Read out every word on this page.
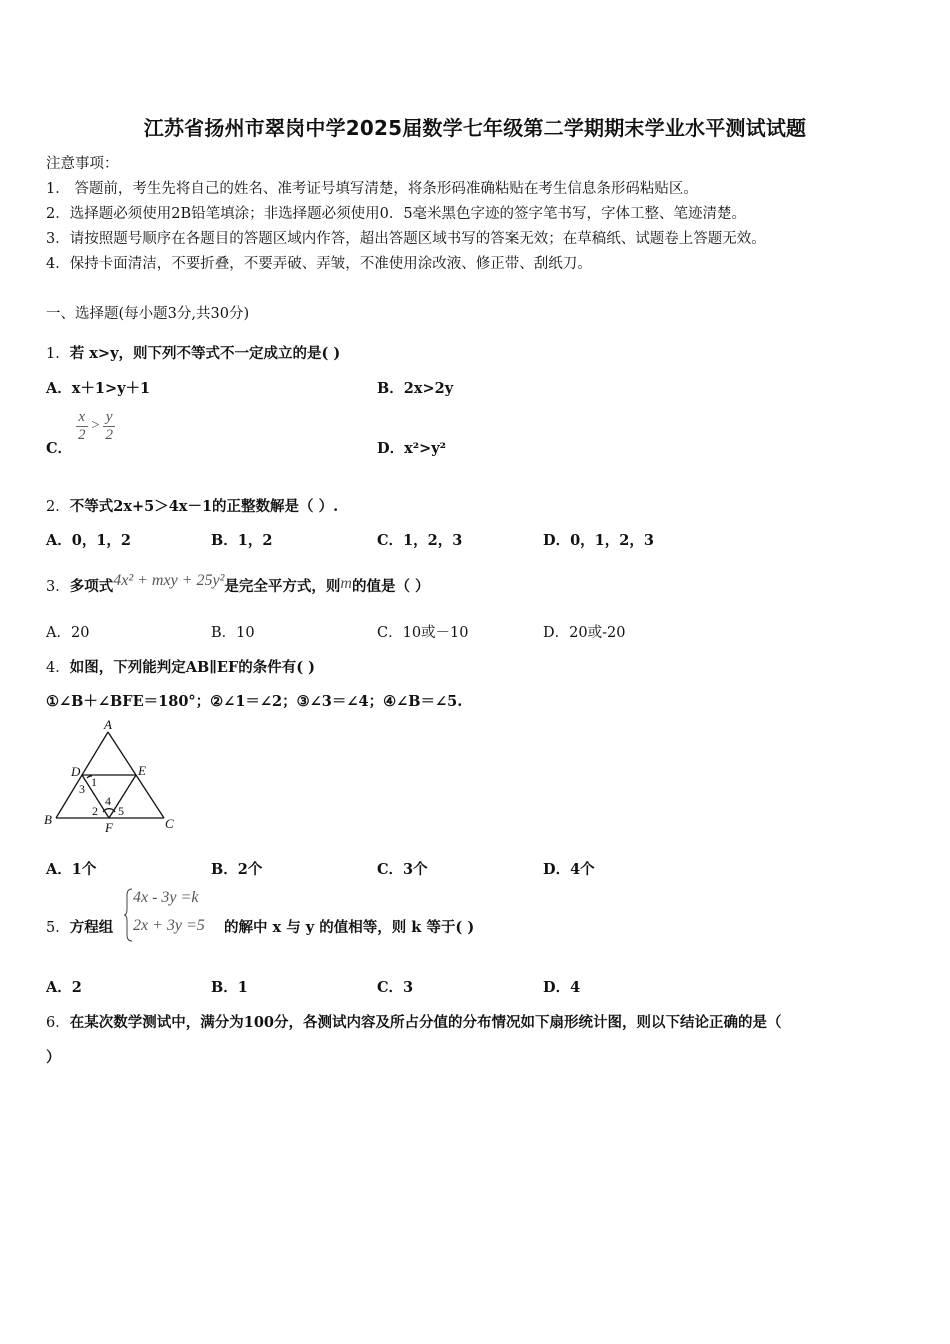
江苏省扬州市翠岗中学2025届数学七年级第二学期期末学业水平测试试题
注意事项：
1． 答题前，考生先将自己的姓名、准考证号填写清楚，将条形码准确粘贴在考生信息条形码粘贴区。
2．选择题必须使用2B铅笔填涂；非选择题必须使用0．5毫米黑色字迹的签字笔书写，字体工整、笔迹清楚。
3．请按照题号顺序在各题目的答题区域内作答，超出答题区域书写的答案无效；在草稿纸、试题卷上答题无效。
4．保持卡面清洁，不要折叠，不要弄破、弄皱，不准使用涂改液、修正带、刮纸刀。
一、选择题(每小题3分,共30分)
1．若 x>y，则下列不等式不一定成立的是( )
A．x＋1>y＋1	B．2x>2y
C．
$\frac{x}{2} > \frac{y}{2}$
D．x²>y²
2．不等式2x+5＞4x－1的正整数解是（ ）.
A．0，1，2	B．1，2	C．1，2，3	D．0，1，2，3
3．多项式4x² + mxy + 25y²是完全平方式，则m的值是（ ）
A．20	B．10	C．10或－10	D．20或-20
4．如图，下列能判定AB∥EF的条件有( )
①∠B＋∠BFE＝180°；②∠1＝∠2；③∠3＝∠4；④∠B＝∠5.
A
B	C
D	E
F
1
3
2
4
5
A．1个	B．2个	C．3个	D．4个
5．方程组
4x - 3y =k
2x + 3y =5 的解中 x 与 y 的值相等，则 k 等于( )
A．2	B．1	C．3	D．4
6．在某次数学测试中，满分为100分，各测试内容及所占分值的分布情况如下扇形统计图，则以下结论正确的是（
）
